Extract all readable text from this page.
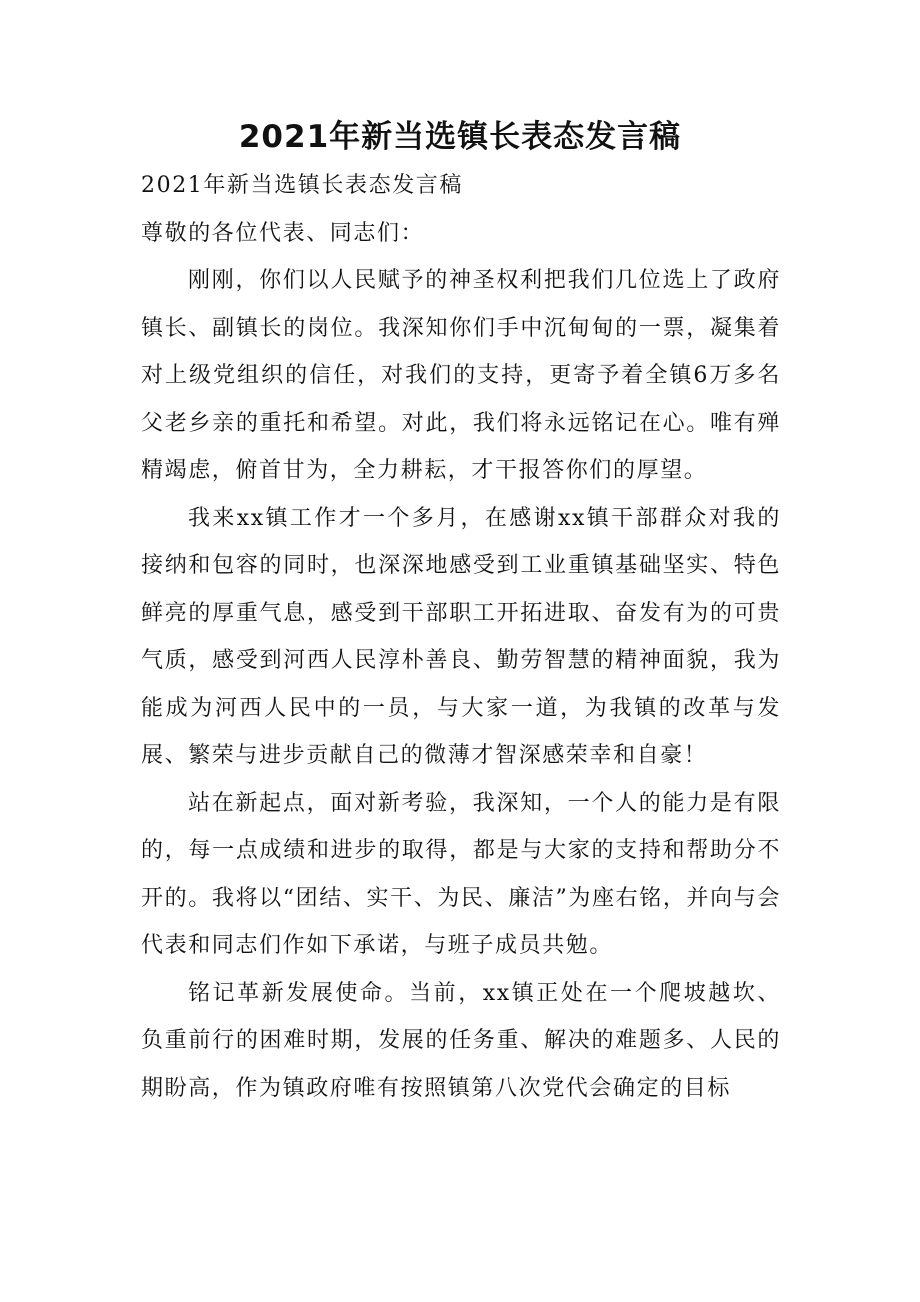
2021年新当选镇长表态发言稿

2021年新当选镇长表态发言稿

尊敬的各位代表、同志们：

刚刚，你们以人民赋予的神圣权利把我们几位选上了政府镇长、副镇长的岗位。我深知你们手中沉甸甸的一票，凝集着对上级党组织的信任，对我们的支持，更寄予着全镇6万多名父老乡亲的重托和希望。对此，我们将永远铭记在心。唯有殚精竭虑，俯首甘为，全力耕耘，才干报答你们的厚望。

我来xx镇工作才一个多月，在感谢xx镇干部群众对我的接纳和包容的同时，也深深地感受到工业重镇基础坚实、特色鲜亮的厚重气息，感受到干部职工开拓进取、奋发有为的可贵气质，感受到河西人民淳朴善良、勤劳智慧的精神面貌，我为能成为河西人民中的一员，与大家一道，为我镇的改革与发展、繁荣与进步贡献自己的微薄才智深感荣幸和自豪！

站在新起点，面对新考验，我深知，一个人的能力是有限的，每一点成绩和进步的取得，都是与大家的支持和帮助分不开的。我将以“团结、实干、为民、廉洁”为座右铭，并向与会代表和同志们作如下承诺，与班子成员共勉。

铭记革新发展使命。当前，xx镇正处在一个爬坡越坎、负重前行的困难时期，发展的任务重、解决的难题多、人民的期盼高，作为镇政府唯有按照镇第八次党代会确定的目标
